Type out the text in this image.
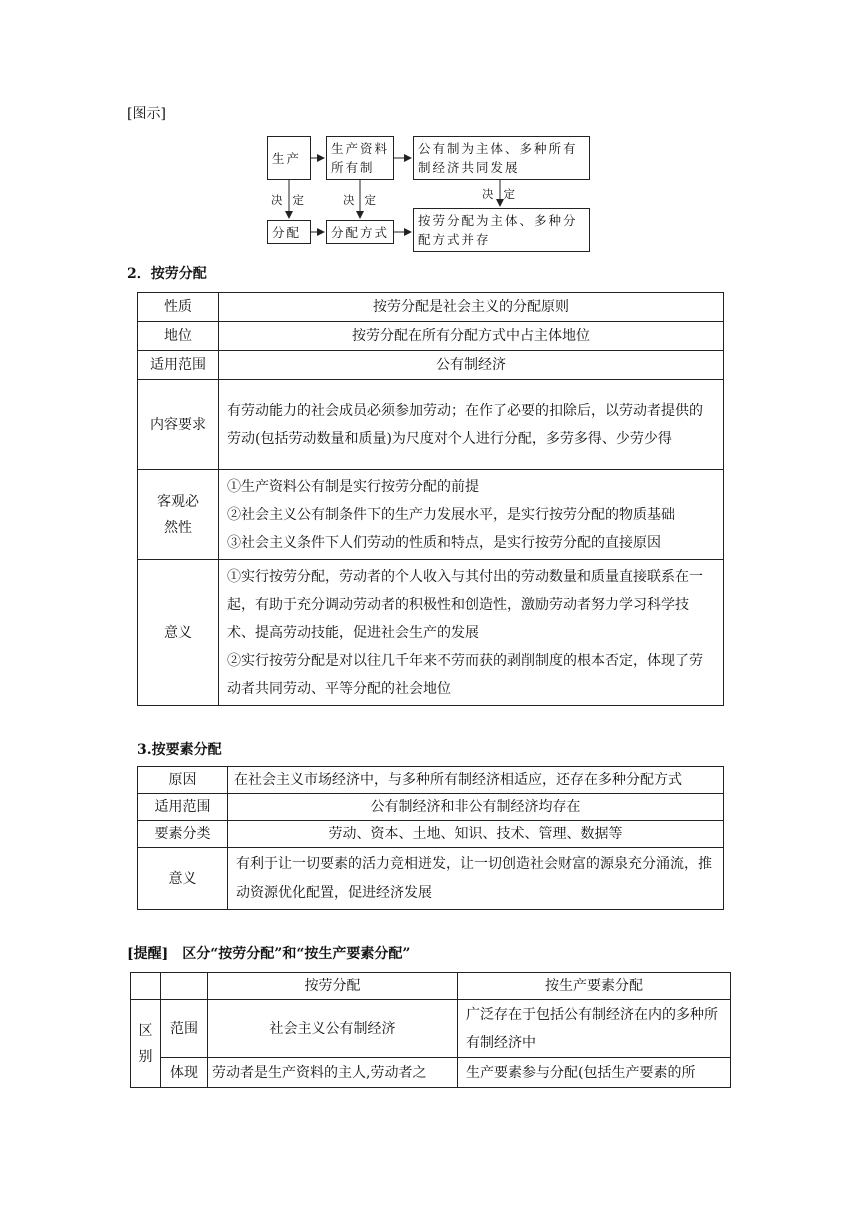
[图示]
生产
生产资料所有制
公有制为主体、多种所有制经济共同发展
分配	分配方式
按劳分配为主体、多种分配方式并存
决定	决定	决定
2．按劳分配
性质	按劳分配是社会主义的分配原则
地位	按劳分配在所有分配方式中占主体地位
适用范围	公有制经济
内容要求	有劳动能力的社会成员必须参加劳动；在作了必要的扣除后，以劳动者提供的劳动(包括劳动数量和质量)为尺度对个人进行分配，多劳多得、少劳少得
客观必然性	①生产资料公有制是实行按劳分配的前提
②社会主义公有制条件下的生产力发展水平，是实行按劳分配的物质基础
③社会主义条件下人们劳动的性质和特点，是实行按劳分配的直接原因

意义	①实行按劳分配，劳动者的个人收入与其付出的劳动数量和质量直接联系在一起，有助于充分调动劳动者的积极性和创造性，激励劳动者努力学习科学技术、提高劳动技能，促进社会生产的发展
②实行按劳分配是对以往几千年来不劳而获的剥削制度的根本否定，体现了劳动者共同劳动、平等分配的社会地位
3.按要素分配
原因	在社会主义市场经济中，与多种所有制经济相适应，还存在多种分配方式
适用范围	公有制经济和非公有制经济均存在
要素分类	劳动、资本、土地、知识、技术、管理、数据等
意义	有利于让一切要素的活力竞相迸发，让一切创造社会财富的源泉充分涌流，推动资源优化配置，促进经济发展
[提醒]　区分“按劳分配”和“按生产要素分配”
		按劳分配	按生产要素分配
区别	范围	社会主义公有制经济	广泛存在于包括公有制经济在内的多种所有制经济中
	体现	劳动者是生产资料的主人,劳动者之	生产要素参与分配(包括生产要素的所
